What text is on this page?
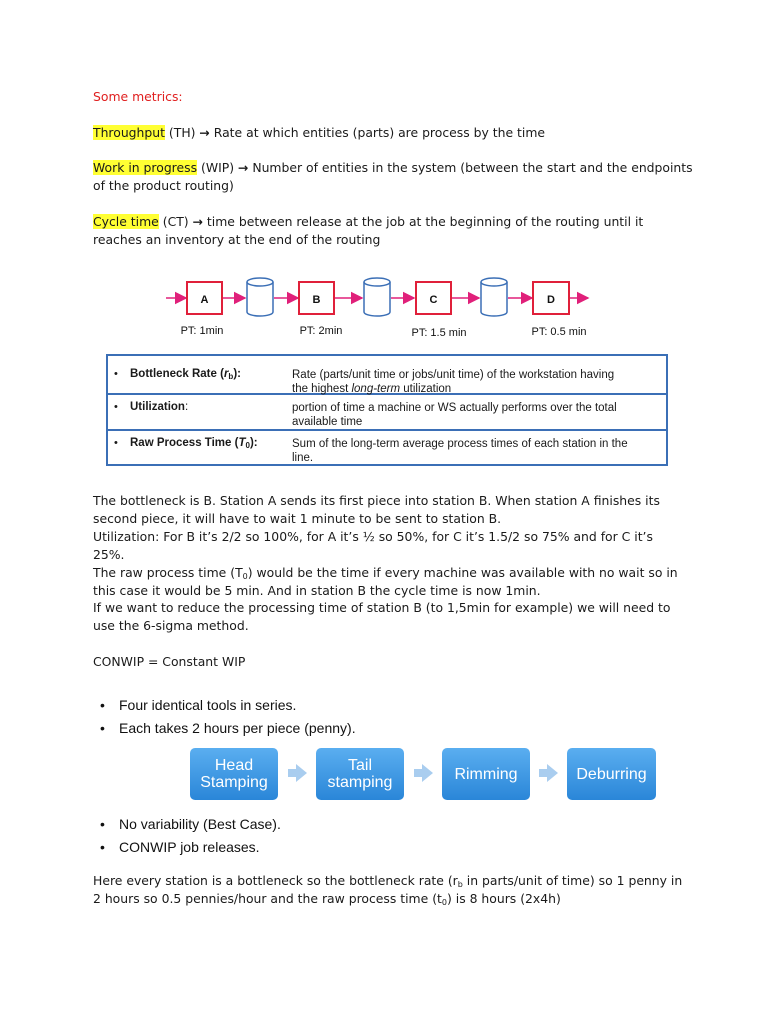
Some metrics:
Throughput (TH) → Rate at which entities (parts) are process by the time
Work in progress (WIP) → Number of entities in the system (between the start and the endpoints of the product routing)
Cycle time (CT) → time between release at the job at the beginning of the routing until it reaches an inventory at the end of the routing
A	B	C	D
PT: 1min	PT: 2min	PT: 1.5 min	PT: 0.5 min
• Bottleneck Rate $(r_b)$:	Rate (parts/unit time or jobs/unit time) of the workstation having
the highest long-term utilization
• Utilization:	portion of time a machine or WS actually performs over the total
available time
• Raw Process Time $(T_0)$:	Sum of the long-term average process times of each station in the
line.
The bottleneck is B. Station A sends its first piece into station B. When station A finishes its second piece, it will have to wait 1 minute to be sent to station B.
Utilization: For B it’s 2/2 so 100%, for A it’s ½ so 50%, for C it’s 1.5/2 so 75% and for C it’s 25%.
The raw process time $(T_0)$ would be the time if every machine was available with no wait so in this case it would be 5 min. And in station B the cycle time is now 1min.
If we want to reduce the processing time of station B (to 1,5min for example) we will need to use the 6-sigma method.
CONWIP = Constant WIP
• Four identical tools in series.
• Each takes 2 hours per piece (penny).
Head
Stamping
Tail
stamping	Rimming	Deburring
• No variability (Best Case).
• CONWIP job releases.
Here every station is a bottleneck so the bottleneck rate ($r_b$ in parts/unit of time) so 1 penny in 2 hours so 0.5 pennies/hour and the raw process time $(t_0)$ is 8 hours (2x4h)
